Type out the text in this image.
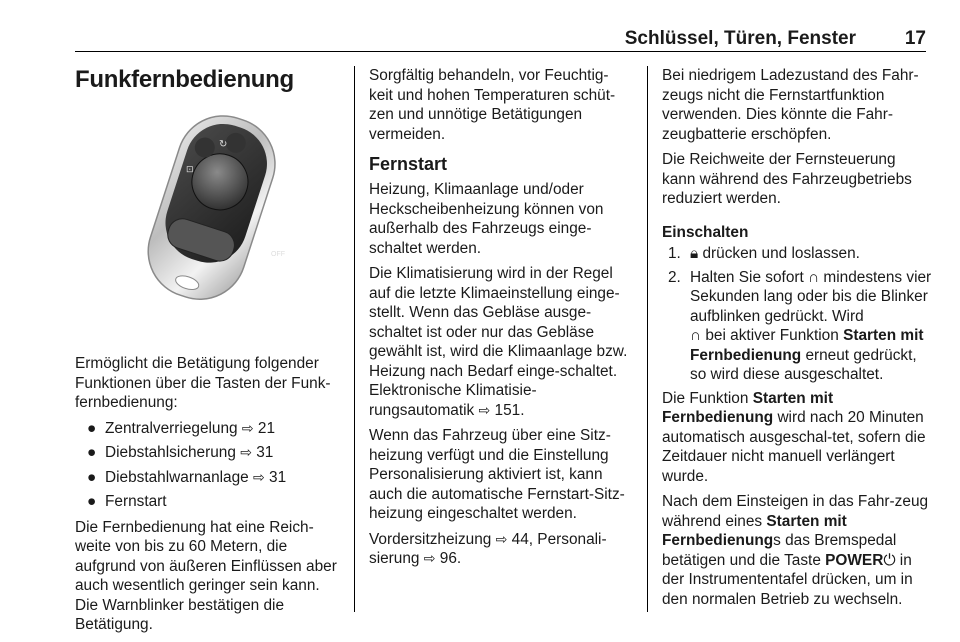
Schlüssel, Türen, Fenster	17
Funkfernbedienung
⊡
↻
OFF

Ermöglicht die Betätigung folgender Funktionen über die Tasten der Funk-fernbedienung:

● Zentralverriegelung ⇨ 21
● Diebstahlsicherung ⇨ 31
● Diebstahlwarnanlage ⇨ 31
● Fernstart

Die Fernbedienung hat eine Reich-weite von bis zu 60 Metern, die aufgrund von äußeren Einflüssen aber auch wesentlich geringer sein kann. Die Warnblinker bestätigen die Betätigung.

Sorgfältig behandeln, vor Feuchtig-keit und hohen Temperaturen schüt-zen und unnötige Betätigungen vermeiden.

Fernstart

Heizung, Klimaanlage und/oder Heckscheibenheizung können von außerhalb des Fahrzeugs einge-schaltet werden.

Die Klimatisierung wird in der Regel auf die letzte Klimaeinstellung einge-stellt. Wenn das Gebläse ausge-schaltet ist oder nur das Gebläse gewählt ist, wird die Klimaanlage bzw. Heizung nach Bedarf einge-schaltet. Elektronische Klimatisie-rungsautomatik ⇨ 151.

Wenn das Fahrzeug über eine Sitz-heizung verfügt und die Einstellung Personalisierung aktiviert ist, kann auch die automatische Fernstart-Sitz-heizung eingeschaltet werden.

Vordersitzheizung ⇨ 44, Personali-
sierung ⇨ 96.

Bei niedrigem Ladezustand des Fahr-zeugs nicht die Fernstartfunktion verwenden. Dies könnte die Fahr-zeugbatterie erschöpfen.

Die Reichweite der Fernsteuerung kann während des Fahrzeugbetriebs reduziert werden.

Einschalten
1. 🔒︎ drücken und loslassen.
2. Halten Sie sofort ∩ mindestens vier Sekunden lang oder bis die Blinker aufblinken gedrückt. Wird
∩ bei aktiver Funktion Starten mit Fernbedienung erneut gedrückt, so wird diese ausgeschaltet.

Die Funktion Starten mit Fernbedienung wird nach 20 Minuten automatisch ausgeschal-tet, sofern die Zeitdauer nicht manuell verlängert wurde.

Nach dem Einsteigen in das Fahr-zeug während eines Starten mit Fernbedienungs das Bremspedal betätigen und die Taste POWER⏻ in der Instrumententafel drücken, um in den normalen Betrieb zu wechseln.
